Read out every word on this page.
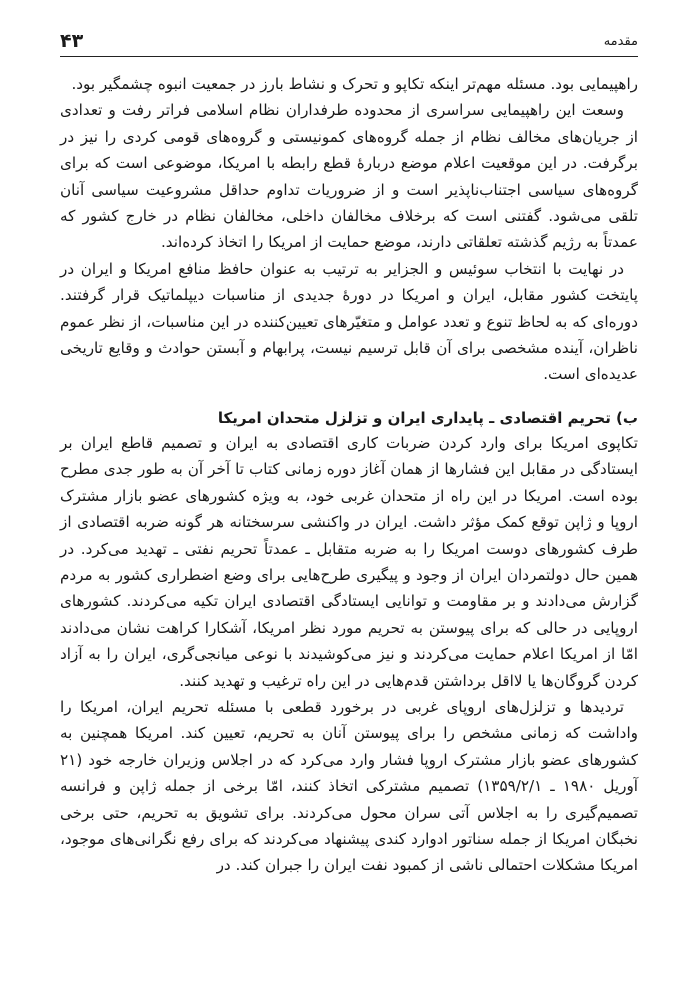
مقدمه
۴۳

راهپیمایی بود. مسئله مهم‌تر اینکه تکاپو و تحرک و نشاط بارز در جمعیت انبوه چشمگیر بود.

وسعت این راهپیمایی سراسری از محدوده طرفداران نظام اسلامی فراتر رفت و تعدادی از جریان‌های مخالف نظام از جمله گروه‌های کمونیستی و گروه‌های قومی کردی را نیز در برگرفت. در این موقعیت اعلام موضع دربارهٔ قطع رابطه با امریکا، موضوعی است که برای گروه‌های سیاسی اجتناب‌ناپذیر است و از ضروریات تداوم حداقل مشروعیت سیاسی آنان تلقی می‌شود. گفتنی است که برخلاف مخالفان داخلی، مخالفان نظام در خارج کشور که عمدتاً به رژیم گذشته تعلقاتی دارند، موضع حمایت از امریکا را اتخاذ کرده‌اند.

در نهایت با انتخاب سوئیس و الجزایر به ترتیب به عنوان حافظ منافع امریکا و ایران در پایتخت کشور مقابل، ایران و امریکا در دورهٔ جدیدی از مناسبات دیپلماتیک قرار گرفتند. دوره‌ای که به لحاظ تنوع و تعدد عوامل و متغیّرهای تعیین‌کننده در این مناسبات، از نظر عموم ناظران، آینده مشخصی برای آن قابل ترسیم نیست، پرابهام و آبستن حوادث و وقایع تاریخی عدیده‌ای است.

ب) تحریم اقتصادی ـ پایداری ایران و تزلزل متحدان امریکا

تکاپوی امریکا برای وارد کردن ضربات کاری اقتصادی به ایران و تصمیم قاطع ایران بر ایستادگی در مقابل این فشارها از همان آغاز دوره زمانی کتاب تا آخر آن به طور جدی مطرح بوده است. امریکا در این راه از متحدان غربی خود، به ویژه کشورهای عضو بازار مشترک اروپا و ژاپن توقع کمک مؤثر داشت. ایران در واکنشی سرسختانه هر گونه ضربه اقتصادی از طرف کشورهای دوست امریکا را به ضربه متقابل ـ عمدتاً تحریم نفتی ـ تهدید می‌کرد. در همین حال دولتمردان ایران از وجود و پیگیری طرح‌هایی برای وضع اضطراری کشور به مردم گزارش می‌دادند و بر مقاومت و توانایی ایستادگی اقتصادی ایران تکیه می‌کردند. کشورهای اروپایی در حالی که برای پیوستن به تحریم مورد نظر امریکا، آشکارا کراهت نشان می‌دادند امّا از امریکا اعلام حمایت می‌کردند و نیز می‌کوشیدند با نوعی میانجی‌گری، ایران را به آزاد کردن گروگان‌ها یا لااقل برداشتن قدم‌هایی در این راه ترغیب و تهدید کنند.

تردیدها و تزلزل‌های اروپای غربی در برخورد قطعی با مسئله تحریم ایران، امریکا را واداشت که زمانی مشخص را برای پیوستن آنان به تحریم، تعیین کند. امریکا همچنین به کشورهای عضو بازار مشترک اروپا فشار وارد می‌کرد که در اجلاس وزیران خارجه خود (۲۱ آوریل ۱۹۸۰ ـ ۱۳۵۹/۲/۱) تصمیم مشترکی اتخاذ کنند، امّا برخی از جمله ژاپن و فرانسه تصمیم‌گیری را به اجلاس آتی سران محول می‌کردند. برای تشویق به تحریم، حتی برخی نخبگان امریکا از جمله سناتور ادوارد کندی پیشنهاد می‌کردند که برای رفع نگرانی‌های موجود، امریکا مشکلات احتمالی ناشی از کمبود نفت ایران را جبران کند. در
